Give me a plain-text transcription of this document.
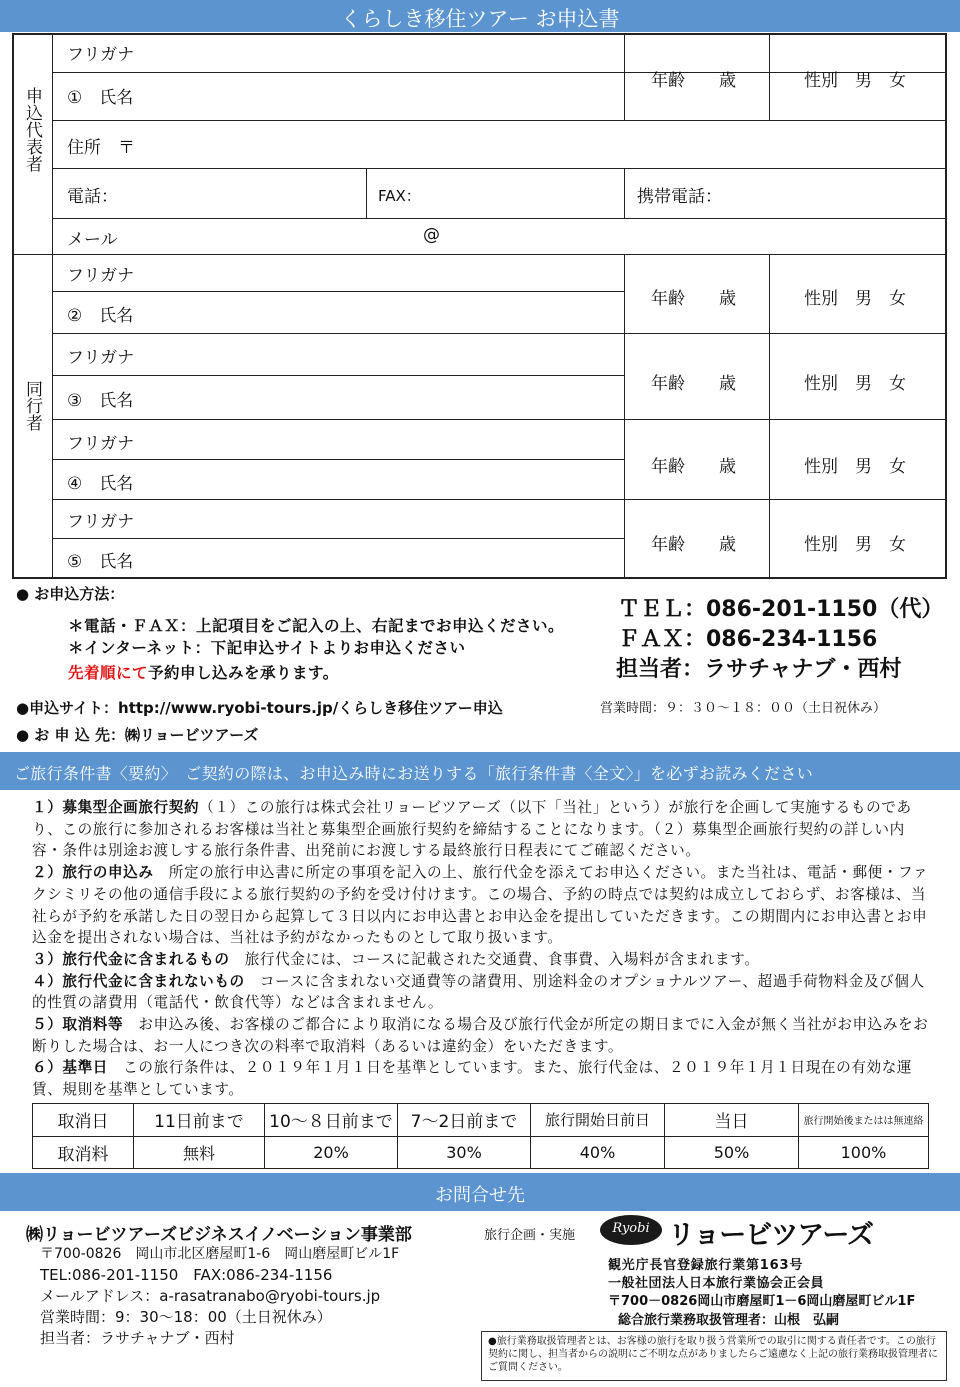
くらしき移住ツアー お申込書
申込代表者
同行者
フリガナ
①　氏名
年齢　　 歳	性別　 男　 女
住所　〒
電話：	FAX：	携帯電話：
メール	@
フリガナ
②　氏名
年齢　　 歳	性別　 男　 女
フリガナ
③　氏名
年齢　　 歳	性別　 男　 女
フリガナ
④　氏名
年齢　　 歳	性別　 男　 女
フリガナ
⑤　氏名
年齢　　 歳	性別　 男　 女
● お申込方法：
＊電話・ＦＡＸ：上記項目をご記入の上、右記までお申込ください。
＊インターネット：下記申込サイトよりお申込ください
先着順にて予約申し込みを承ります。
●申込サイト：http://www.ryobi-tours.jp/くらしき移住ツアー申込
● お 申 込 先：㈱リョービツアーズ
ＴＥＬ：086-201-1150（代）
ＦＡＸ：086-234-1156
担当者：ラサチャナブ・西村
営業時間：９：３０～１８：００（土日祝休み）
ご旅行条件書〈要約〉　ご契約の際は、お申込み時にお送りする「旅行条件書〈全文〉」を必ずお読みください

１）募集型企画旅行契約（１）この旅行は株式会社リョービツアーズ（以下「当社」という）が旅行を企画して実施するものであり、この旅行に参加されるお客様は当社と募集型企画旅行契約を締結することになります。（２）募集型企画旅行契約の詳しい内容・条件は別途お渡しする旅行条件書、出発前にお渡しする最終旅行日程表にてご確認ください。

２）旅行の申込み　所定の旅行申込書に所定の事項を記入の上、旅行代金を添えてお申込ください。また当社は、電話・郵便・ファクシミリその他の通信手段による旅行契約の予約を受け付けます。この場合、予約の時点では契約は成立しておらず、お客様は、当社らが予約を承諾した日の翌日から起算して３日以内にお申込書とお申込金を提出していただきます。この期間内にお申込書とお申込金を提出されない場合は、当社は予約がなかったものとして取り扱います。

３）旅行代金に含まれるもの　旅行代金には、コースに記載された交通費、食事費、入場料が含まれます。

４）旅行代金に含まれないもの　コースに含まれない交通費等の諸費用、別途料金のオプショナルツアー、超過手荷物料金及び個人的性質の諸費用（電話代・飲食代等）などは含まれません。

５）取消料等　お申込み後、お客様のご都合により取消になる場合及び旅行代金が所定の期日までに入金が無く当社がお申込みをお断りした場合は、お一人につき次の料率で取消料（あるいは違約金）をいただきます。

６）基準日　この旅行条件は、２０１９年１月１日を基準としています。また、旅行代金は、２０１９年１月１日現在の有効な運賃、規則を基準としています。

取消日	11日前まで	10～８日前まで	7～2日前まで	旅行開始日前日	当日	旅行開始後またはは無連絡
取消料	無料	20%	30%	40%	50%	100%
お問合せ先
㈱リョービツアーズビジネスイノベーション事業部
〒700-0826　岡山市北区磨屋町1-6　岡山磨屋町ビル1F
TEL:086-201-1150　FAX:086-234-1156
メールアドレス：a-rasatranabo@ryobi-tours.jp
営業時間：9：30～18：00（土日祝休み）
担当者：ラサチャナブ・西村
旅行企画・実施	Ryobi リョービツアーズ
観光庁長官登録旅行業第163号
一般社団法人日本旅行業協会正会員
〒700－0826岡山市磨屋町1－6岡山磨屋町ビル1F
総合旅行業務取扱管理者：山根　弘嗣
●旅行業務取扱管理者とは、お客様の旅行を取り扱う営業所での取引に関する責任者です。この旅行契約に関し、担当者からの説明にご不明な点がありましたらご遠慮なく上記の旅行業務取扱管理者にご質問ください。
